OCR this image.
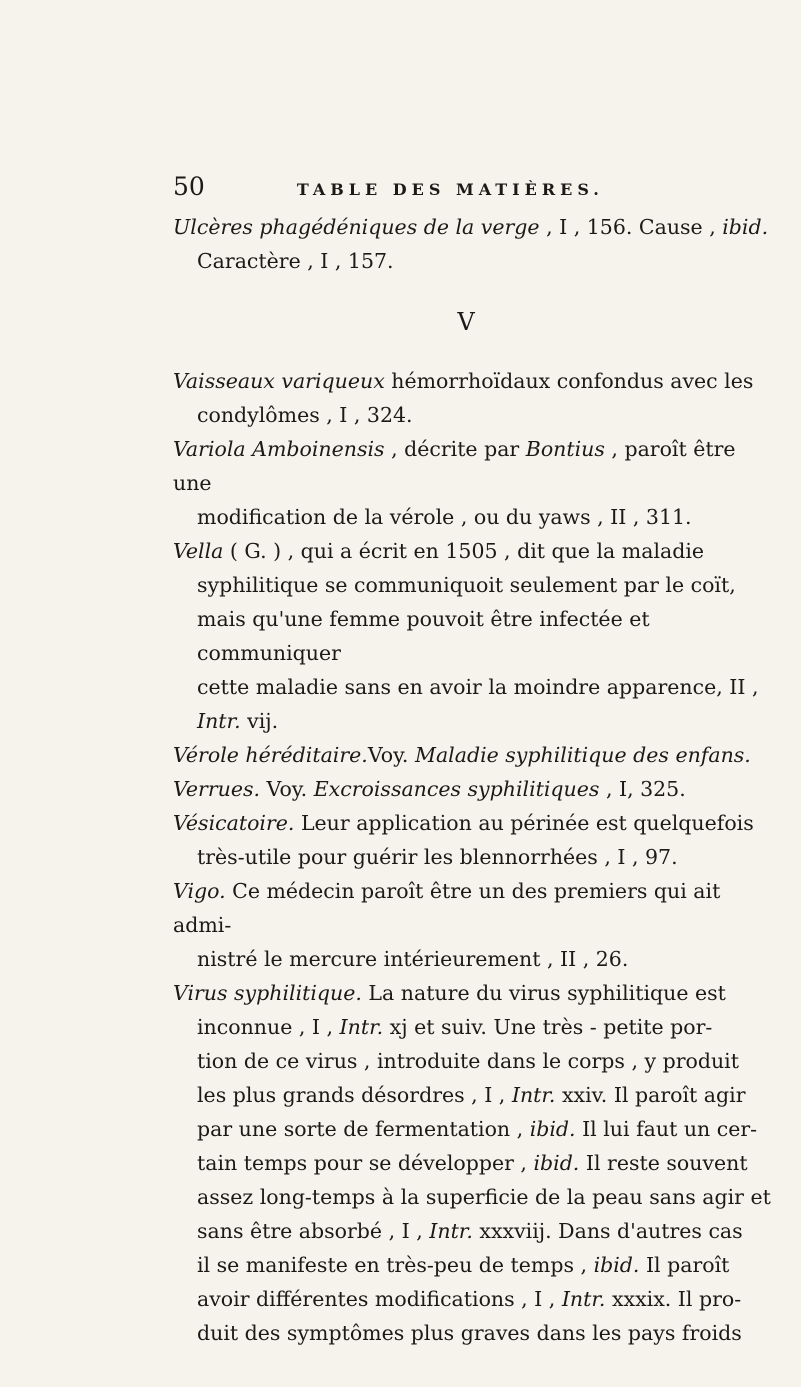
50	TABLE DES MATIÈRES.
Ulcères phagédéniques de la verge , I , 156. Cause , ibid.
Caractère , I , 157.
V
Vaisseaux variqueux hémorrhoïdaux confondus avec les
condylômes , I , 324.
Variola Amboinensis , décrite par Bontius , paroît être une
modification de la vérole , ou du yaws , II , 311.
Vella ( G. ) , qui a écrit en 1505 , dit que la maladie
syphilitique se communiquoit seulement par le coït,
mais qu'une femme pouvoit être infectée et communiquer
cette maladie sans en avoir la moindre apparence, II ,
Intr. vij.
Vérole héréditaire.Voy. Maladie syphilitique des enfans.
Verrues. Voy. Excroissances syphilitiques , I, 325.
Vésicatoire. Leur application au périnée est quelquefois
très-utile pour guérir les blennorrhées , I , 97.
Vigo. Ce médecin paroît être un des premiers qui ait admi-
nistré le mercure intérieurement , II , 26.
Virus syphilitique. La nature du virus syphilitique est
inconnue , I , Intr. xj et suiv. Une très - petite por-
tion de ce virus , introduite dans le corps , y produit
les plus grands désordres , I , Intr. xxiv. Il paroît agir
par une sorte de fermentation , ibid. Il lui faut un cer-
tain temps pour se développer , ibid. Il reste souvent
assez long-temps à la superficie de la peau sans agir et
sans être absorbé , I , Intr. xxxviij. Dans d'autres cas
il se manifeste en très-peu de temps , ibid. Il paroît
avoir différentes modifications , I , Intr. xxxix. Il pro-
duit des symptômes plus graves dans les pays froids
